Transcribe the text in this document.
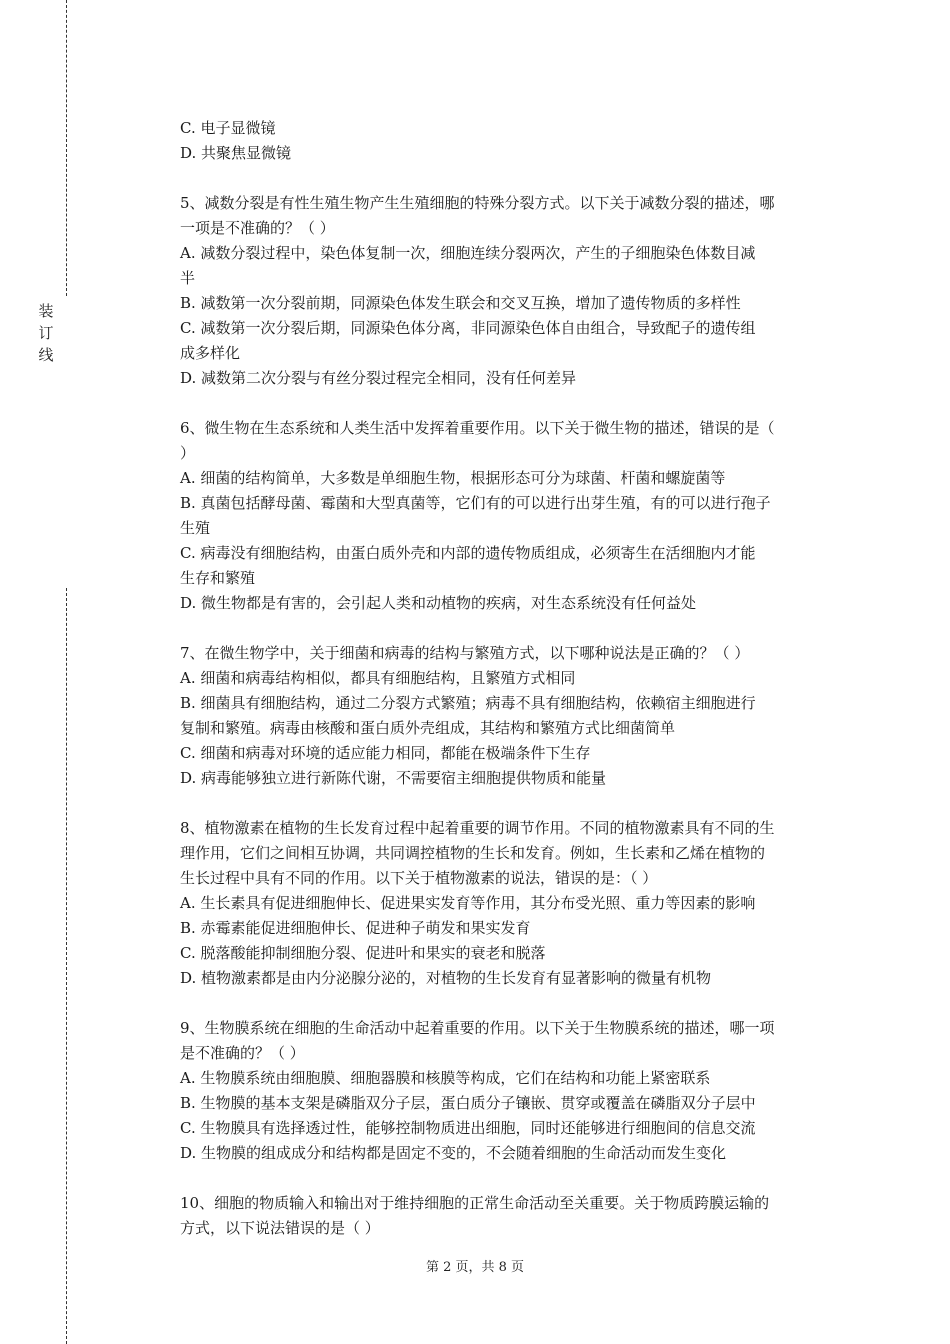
装
订
线
C. 电子显微镜
D. 共聚焦显微镜
5、减数分裂是有性生殖生物产生生殖细胞的特殊分裂方式。以下关于减数分裂的描述，哪
一项是不准确的？（ ）
A. 减数分裂过程中，染色体复制一次，细胞连续分裂两次，产生的子细胞染色体数目减
半
B. 减数第一次分裂前期，同源染色体发生联会和交叉互换，增加了遗传物质的多样性
C. 减数第一次分裂后期，同源染色体分离，非同源染色体自由组合，导致配子的遗传组
成多样化
D. 减数第二次分裂与有丝分裂过程完全相同，没有任何差异
6、微生物在生态系统和人类生活中发挥着重要作用。以下关于微生物的描述，错误的是（
）
A. 细菌的结构简单，大多数是单细胞生物，根据形态可分为球菌、杆菌和螺旋菌等
B. 真菌包括酵母菌、霉菌和大型真菌等，它们有的可以进行出芽生殖，有的可以进行孢子
生殖
C. 病毒没有细胞结构，由蛋白质外壳和内部的遗传物质组成，必须寄生在活细胞内才能
生存和繁殖
D. 微生物都是有害的，会引起人类和动植物的疾病，对生态系统没有任何益处
7、在微生物学中，关于细菌和病毒的结构与繁殖方式，以下哪种说法是正确的？（ ）
A. 细菌和病毒结构相似，都具有细胞结构，且繁殖方式相同
B. 细菌具有细胞结构，通过二分裂方式繁殖；病毒不具有细胞结构，依赖宿主细胞进行
复制和繁殖。病毒由核酸和蛋白质外壳组成，其结构和繁殖方式比细菌简单
C. 细菌和病毒对环境的适应能力相同，都能在极端条件下生存
D. 病毒能够独立进行新陈代谢，不需要宿主细胞提供物质和能量
8、植物激素在植物的生长发育过程中起着重要的调节作用。不同的植物激素具有不同的生
理作用，它们之间相互协调，共同调控植物的生长和发育。例如，生长素和乙烯在植物的
生长过程中具有不同的作用。以下关于植物激素的说法，错误的是：（ ）
A. 生长素具有促进细胞伸长、促进果实发育等作用，其分布受光照、重力等因素的影响
B. 赤霉素能促进细胞伸长、促进种子萌发和果实发育
C. 脱落酸能抑制细胞分裂、促进叶和果实的衰老和脱落
D. 植物激素都是由内分泌腺分泌的，对植物的生长发育有显著影响的微量有机物
9、生物膜系统在细胞的生命活动中起着重要的作用。以下关于生物膜系统的描述，哪一项
是不准确的？（ ）
A. 生物膜系统由细胞膜、细胞器膜和核膜等构成，它们在结构和功能上紧密联系
B. 生物膜的基本支架是磷脂双分子层，蛋白质分子镶嵌、贯穿或覆盖在磷脂双分子层中
C. 生物膜具有选择透过性，能够控制物质进出细胞，同时还能够进行细胞间的信息交流
D. 生物膜的组成成分和结构都是固定不变的，不会随着细胞的生命活动而发生变化
10、细胞的物质输入和输出对于维持细胞的正常生命活动至关重要。关于物质跨膜运输的
方式，以下说法错误的是（ ）
第 2 页，共 8 页
